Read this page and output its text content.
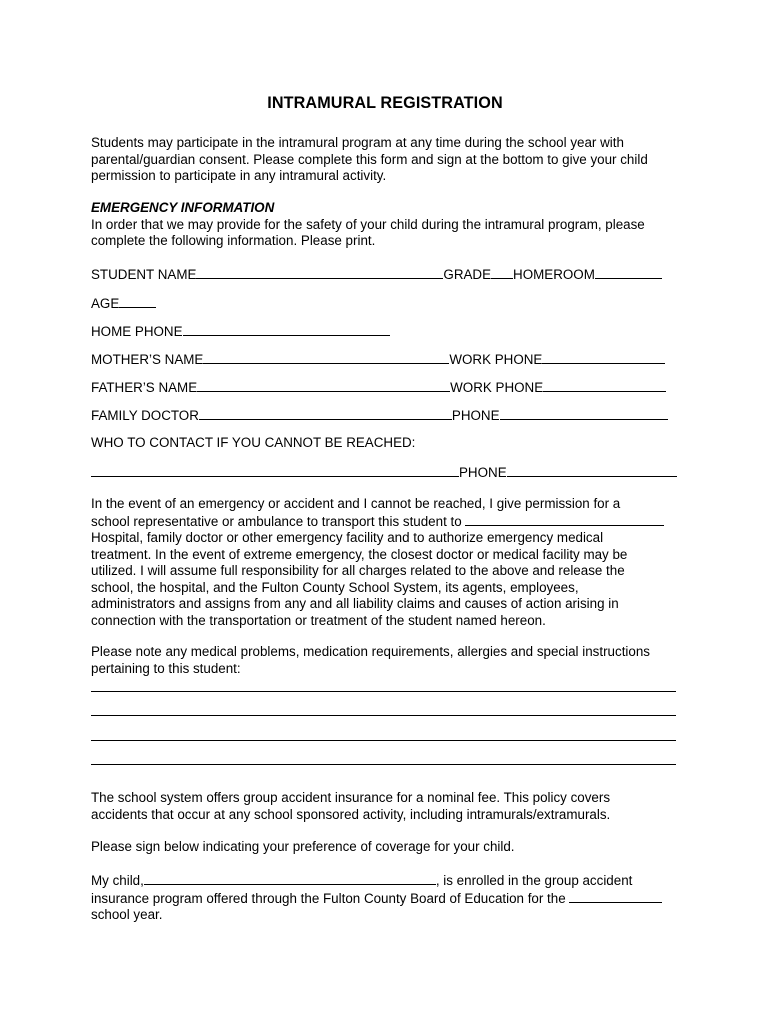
INTRAMURAL REGISTRATION
Students may participate in the intramural program at any time during the school year with
parental/guardian consent. Please complete this form and sign at the bottom to give your child
permission to participate in any intramural activity.
EMERGENCY INFORMATION
In order that we may provide for the safety of your child during the intramural program, please
complete the following information. Please print.
STUDENT NAME	GRADE HOMEROOM
AGE
HOME PHONE
MOTHER’S NAME	WORK PHONE
FATHER’S NAME	WORK PHONE
FAMILY DOCTOR	PHONE
WHO TO CONTACT IF YOU CANNOT BE REACHED:
PHONE
In the event of an emergency or accident and I cannot be reached, I give permission for a
school representative or ambulance to transport this student to
Hospital, family doctor or other emergency facility and to authorize emergency medical
treatment. In the event of extreme emergency, the closest doctor or medical facility may be
utilized. I will assume full responsibility for all charges related to the above and release the
school, the hospital, and the Fulton County School System, its agents, employees,
administrators and assigns from any and all liability claims and causes of action arising in
connection with the transportation or treatment of the student named hereon.
Please note any medical problems, medication requirements, allergies and special instructions
pertaining to this student:
The school system offers group accident insurance for a nominal fee. This policy covers
accidents that occur at any school sponsored activity, including intramurals/extramurals.
Please sign below indicating your preference of coverage for your child.
My child,	, is enrolled in the group accident
insurance program offered through the Fulton County Board of Education for the
school year.
